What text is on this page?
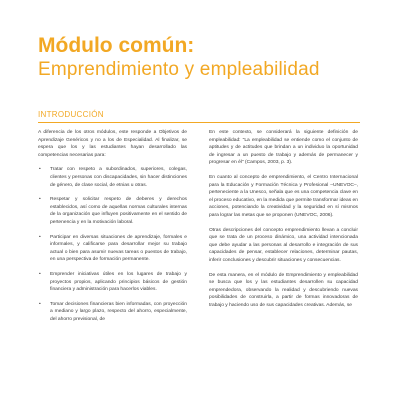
Módulo común:
Emprendimiento y empleabilidad
INTRODUCCIÓN

A diferencia de los otros módulos, este responde a Objetivos de Aprendizaje Genéricos y no a los de Especialidad. Al finalizar, se espera que los y las estudiantes hayan desarrollado las competencias necesarias para:

• Tratar con respeto a subordinados, superiores, colegas, clientes y personas con discapacidades, sin hacer distinciones de género, de clase social, de etnias u otras.
• Respetar y solicitar respeto de deberes y derechos establecidos, así como de aquellas normas culturales internas de la organización que influyen positivamente en el sentido de pertenencia y en la motivación laboral.
• Participar en diversas situaciones de aprendizaje, formales e informales, y calificarse para desarrollar mejor su trabajo actual o bien para asumir nuevas tareas o puestos de trabajo, en una perspectiva de formación permanente.
• Emprender iniciativas útiles en los lugares de trabajo y proyectos propios, aplicando principios básicos de gestión financiera y administración para hacerlos viables.
• Tomar decisiones financieras bien informadas, con proyección a mediano y largo plazo, respecto del ahorro, especialmente, del ahorro previsional, de

En este contexto, se considerará la siguiente definición de empleabilidad: "La empleabilidad se entiende como el conjunto de aptitudes y de actitudes que brindan a un individuo la oportunidad de ingresar a un puesto de trabajo y además de permanecer y progresar en él" (Campos, 2003, p. 3).

En cuanto al concepto de emprendimiento, el Centro Internacional para la Educación y Formación Técnica y Profesional –UNEVOC–, perteneciente a la Unesco, señala que es una competencia clave en el proceso educativo, en la medida que permite transformar ideas en acciones, potenciando la creatividad y la seguridad en sí mismos para lograr las metas que se proponen (UNEVOC, 2006).

Otras descripciones del concepto emprendimiento llevan a concluir que se trata de un proceso dinámico, una actividad intencionada que debe ayudar a las personas al desarrollo e integración de sus capacidades de pensar, establecer relaciones, determinar pautas, inferir conclusiones y descubrir situaciones y consecuencias.

De esta manera, en el módulo de Emprendimiento y empleabilidad se busca que los y las estudiantes desarrollen su capacidad emprendedora, observando la realidad y descubriendo nuevas posibilidades de construirla, a partir de formas innovadoras de trabajo y haciendo uso de sus capacidades creativas. Además, se
